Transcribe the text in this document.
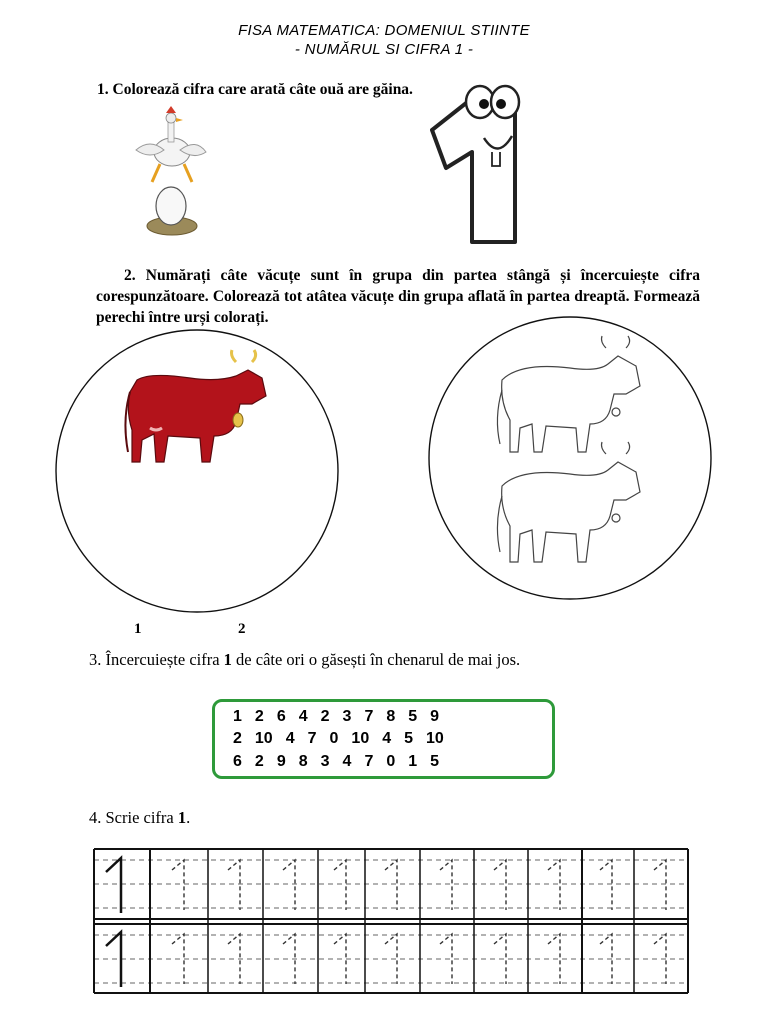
FISA MATEMATICA: DOMENIUL STIINTE
- NUMĂRUL SI CIFRA 1 -
1. Colorează cifra care arată câte ouă are găina.
2. Numărați câte văcuțe sunt în grupa din partea stângă și încercuiește cifra corespunzătoare. Colorează tot atâtea văcuțe din grupa aflată în partea dreaptă. Formează perechi între urși colorați.
1	2
3. Încercuiește cifra 1 de câte ori o găsești în chenarul de mai jos.
1 2 6 4 2 3 7 8 5 9
2 10 4 7 0 10 4 5 10
6 2 9 8 3 4 7 0 1 5
4. Scrie cifra 1.
